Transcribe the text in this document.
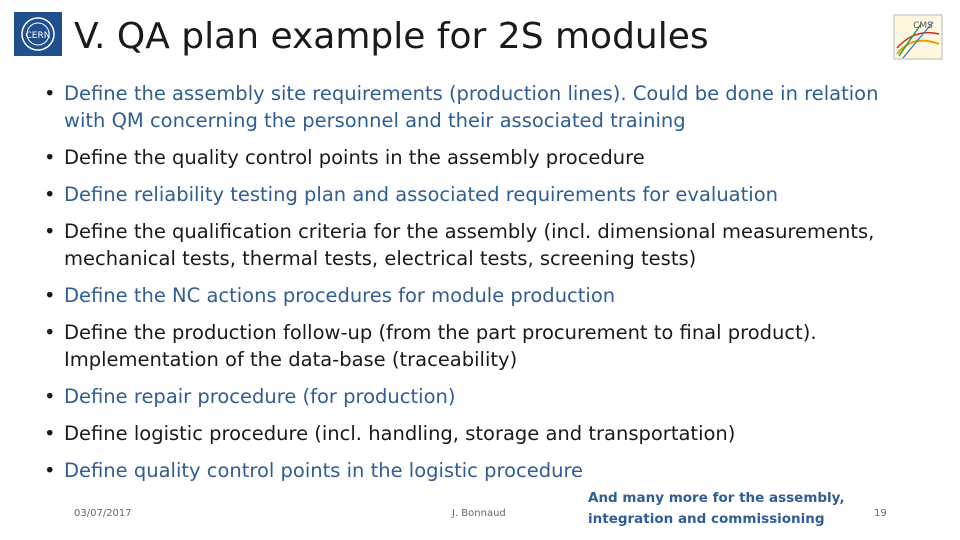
CERN V. QA plan example for 2S modules	CMS
• Define the assembly site requirements (production lines). Could be done in relation with QM concerning the personnel and their associated training
• Define the quality control points in the assembly procedure
• Define reliability testing plan and associated requirements for evaluation
• Define the qualification criteria for the assembly (incl. dimensional measurements, mechanical tests, thermal tests, electrical tests, screening tests)
• Define the NC actions procedures for module production
• Define the production follow-up (from the part procurement to final product). Implementation of the data-base (traceability)
• Define repair procedure (for production)
• Define logistic procedure (incl. handling, storage and transportation)
• Define quality control points in the logistic procedure
03/07/2017	J. Bonnaud
And many more for the assembly, integration and commissioning	19
